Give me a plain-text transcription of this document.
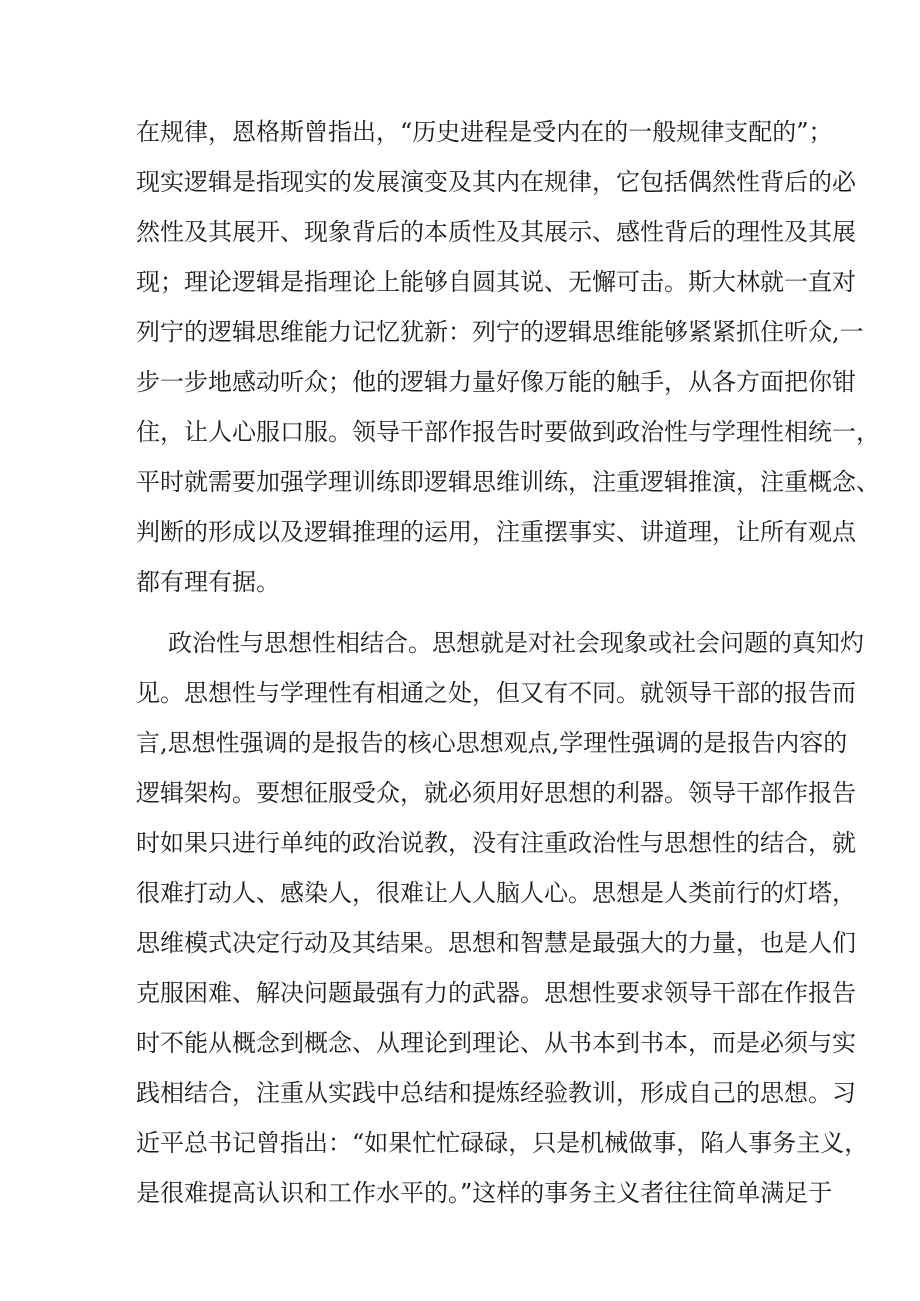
在规律，恩格斯曾指出，“历史进程是受内在的一般规律支配的”；
现实逻辑是指现实的发展演变及其内在规律，它包括偶然性背后的必
然性及其展开、现象背后的本质性及其展示、感性背后的理性及其展
现；理论逻辑是指理论上能够自圆其说、无懈可击。斯大林就一直对
列宁的逻辑思维能力记忆犹新：列宁的逻辑思维能够紧紧抓住听众,一
步一步地感动听众；他的逻辑力量好像万能的触手，从各方面把你钳
住，让人心服口服。领导干部作报告时要做到政治性与学理性相统一，
平时就需要加强学理训练即逻辑思维训练，注重逻辑推演，注重概念、
判断的形成以及逻辑推理的运用，注重摆事实、讲道理，让所有观点
都有理有据。
政治性与思想性相结合。思想就是对社会现象或社会问题的真知灼
见。思想性与学理性有相通之处，但又有不同。就领导干部的报告而
言,思想性强调的是报告的核心思想观点,学理性强调的是报告内容的
逻辑架构。要想征服受众，就必须用好思想的利器。领导干部作报告
时如果只进行单纯的政治说教，没有注重政治性与思想性的结合，就
很难打动人、感染人，很难让人人脑人心。思想是人类前行的灯塔，
思维模式决定行动及其结果。思想和智慧是最强大的力量，也是人们
克服困难、解决问题最强有力的武器。思想性要求领导干部在作报告
时不能从概念到概念、从理论到理论、从书本到书本，而是必须与实
践相结合，注重从实践中总结和提炼经验教训，形成自己的思想。习
近平总书记曾指出：“如果忙忙碌碌，只是机械做事，陷人事务主义，
是很难提高认识和工作水平的。”这样的事务主义者往往简单满足于
